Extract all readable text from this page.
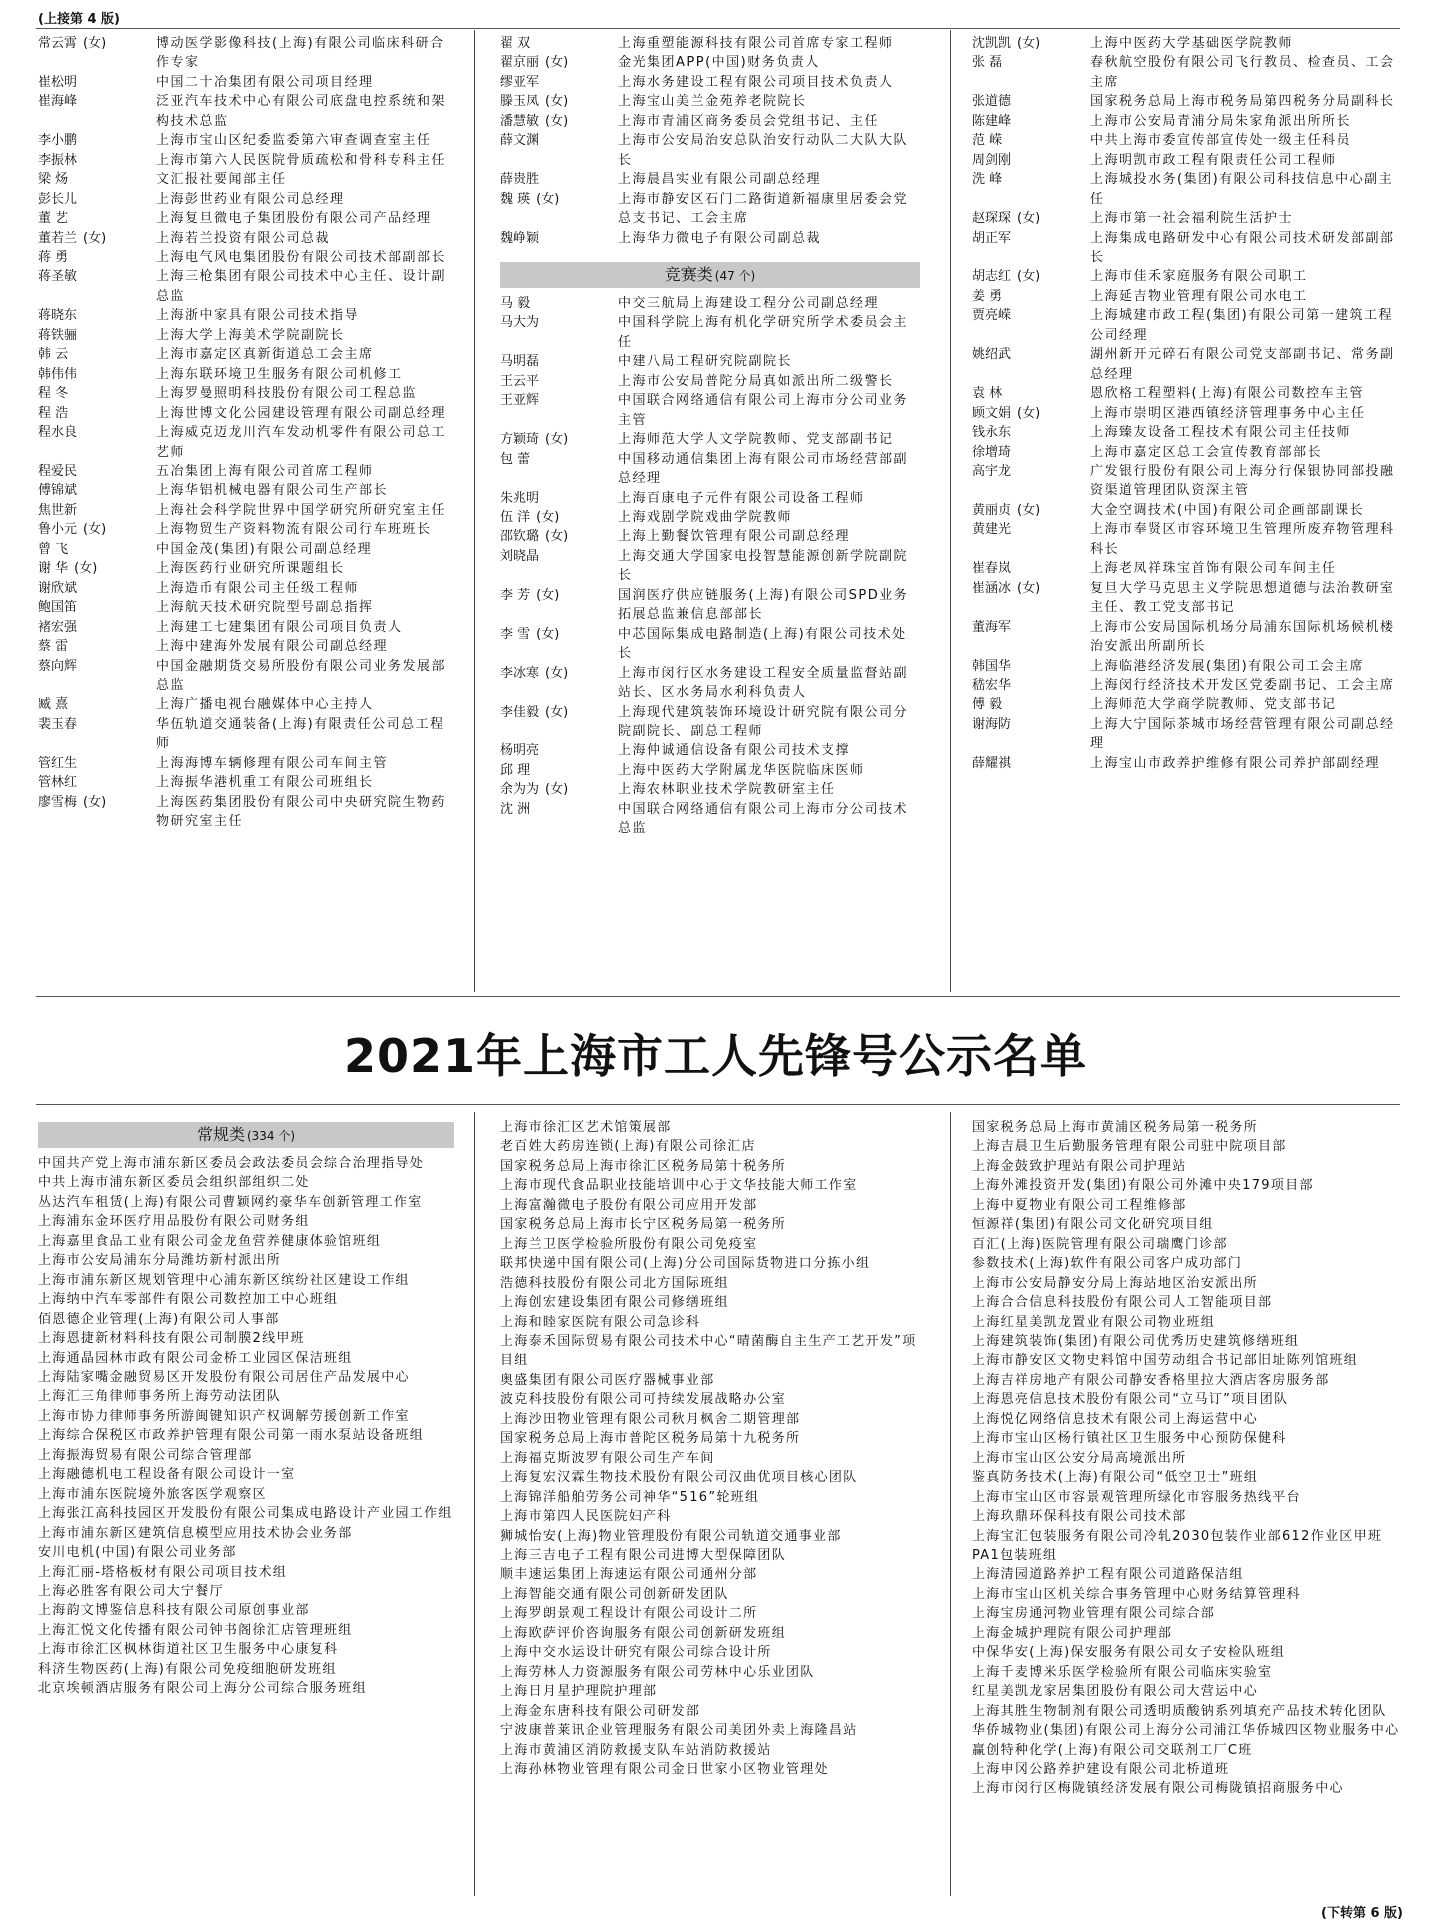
(上接第 4 版)
常云霄 (女)	博动医学影像科技(上海)有限公司临床科研合作专家
崔松明	中国二十冶集团有限公司项目经理
崔海峰	泛亚汽车技术中心有限公司底盘电控系统和架构技术总监
李小鹏	上海市宝山区纪委监委第六审查调查室主任
李振林	上海市第六人民医院骨质疏松和骨科专科主任
梁 炀	文汇报社要闻部主任
彭长儿	上海彭世药业有限公司总经理
董 艺	上海复旦微电子集团股份有限公司产品经理
董若兰 (女)	上海若兰投资有限公司总裁
蒋 勇	上海电气风电集团股份有限公司技术部副部长
蒋圣敏	上海三枪集团有限公司技术中心主任、设计副总监
蒋晓东	上海浙中家具有限公司技术指导
蒋铁骊	上海大学上海美术学院副院长
韩 云	上海市嘉定区真新街道总工会主席
韩伟伟	上海东联环境卫生服务有限公司机修工
程 冬	上海罗曼照明科技股份有限公司工程总监
程 浩	上海世博文化公园建设管理有限公司副总经理
程水良	上海威克迈龙川汽车发动机零件有限公司总工艺师
程爱民	五冶集团上海有限公司首席工程师
傅锦斌	上海华铝机械电器有限公司生产部长
焦世新	上海社会科学院世界中国学研究所研究室主任
鲁小元 (女)	上海物贸生产资料物流有限公司行车班班长
曾 飞	中国金茂(集团)有限公司副总经理
谢 华 (女)	上海医药行业研究所课题组长
谢欣斌	上海造币有限公司主任级工程师
鲍国笛	上海航天技术研究院型号副总指挥
褚宏强	上海建工七建集团有限公司项目负责人
蔡 雷	上海中建海外发展有限公司副总经理
蔡向辉	中国金融期货交易所股份有限公司业务发展部总监
臧 熹	上海广播电视台融媒体中心主持人
裴玉春	华伍轨道交通装备(上海)有限责任公司总工程师
管红生	上海海博车辆修理有限公司车间主管
管林红	上海振华港机重工有限公司班组长
廖雪梅 (女)	上海医药集团股份有限公司中央研究院生物药物研究室主任
翟 双	上海重塑能源科技有限公司首席专家工程师
翟京丽 (女)	金光集团APP(中国)财务负责人
缪亚军	上海水务建设工程有限公司项目技术负责人
滕玉凤 (女)	上海宝山美兰金苑养老院院长
潘慧敏 (女)	上海市青浦区商务委员会党组书记、主任
薛文渊	上海市公安局治安总队治安行动队二大队大队长
薛贵胜	上海晨昌实业有限公司副总经理
魏 瑛 (女)	上海市静安区石门二路街道新福康里居委会党总支书记、工会主席
魏峥颖	上海华力微电子有限公司副总裁
竞赛类 (47 个)
马 毅	中交三航局上海建设工程分公司副总经理
马大为	中国科学院上海有机化学研究所学术委员会主任
马明磊	中建八局工程研究院副院长
王云平	上海市公安局普陀分局真如派出所二级警长
王亚辉	中国联合网络通信有限公司上海市分公司业务主管
方颖琦 (女)	上海师范大学人文学院教师、党支部副书记
包 蕾	中国移动通信集团上海有限公司市场经营部副总经理
朱兆明	上海百康电子元件有限公司设备工程师
伍 洋 (女)	上海戏剧学院戏曲学院教师
邵钦璐 (女)	上海上勤餐饮管理有限公司副总经理
刘晓晶	上海交通大学国家电投智慧能源创新学院副院长
李 芳 (女)	国润医疗供应链服务(上海)有限公司SPD业务拓展总监兼信息部部长
李 雪 (女)	中芯国际集成电路制造(上海)有限公司技术处长
李冰寒 (女)	上海市闵行区水务建设工程安全质量监督站副站长、区水务局水利科负责人
李佳毅 (女)	上海现代建筑装饰环境设计研究院有限公司分院副院长、副总工程师
杨明亮	上海仲诚通信设备有限公司技术支撑
邱 理	上海中医药大学附属龙华医院临床医师
余为为 (女)	上海农林职业技术学院教研室主任
沈 洲	中国联合网络通信有限公司上海市分公司技术总监
沈凯凯 (女)	上海中医药大学基础医学院教师
张 磊	春秋航空股份有限公司飞行教员、检查员、工会主席
张道德	国家税务总局上海市税务局第四税务分局副科长
陈建峰	上海市公安局青浦分局朱家角派出所所长
范 嵘	中共上海市委宣传部宣传处一级主任科员
周剑刚	上海明凯市政工程有限责任公司工程师
洗 峰	上海城投水务(集团)有限公司科技信息中心副主任
赵琛琛 (女)	上海市第一社会福利院生活护士
胡正军	上海集成电路研发中心有限公司技术研发部副部长
胡志红 (女)	上海市佳禾家庭服务有限公司职工
姜 勇	上海延吉物业管理有限公司水电工
贾亮嵘	上海城建市政工程(集团)有限公司第一建筑工程公司经理
姚绍武	湖州新开元碎石有限公司党支部副书记、常务副总经理
袁 林	恩欣格工程塑料(上海)有限公司数控车主管
顾文娟 (女)	上海市崇明区港西镇经济管理事务中心主任
钱永东	上海臻友设备工程技术有限公司主任技师
徐增琦	上海市嘉定区总工会宣传教育部部长
高宇龙	广发银行股份有限公司上海分行保银协同部投融资渠道管理团队资深主管
黄丽贞 (女)	大金空调技术(中国)有限公司企画部副课长
黄建光	上海市奉贤区市容环境卫生管理所废弃物管理科科长
崔春岚	上海老凤祥珠宝首饰有限公司车间主任
崔涵冰 (女)	复旦大学马克思主义学院思想道德与法治教研室主任、教工党支部书记
董海军	上海市公安局国际机场分局浦东国际机场候机楼治安派出所副所长
韩国华	上海临港经济发展(集团)有限公司工会主席
嵇宏华	上海闵行经济技术开发区党委副书记、工会主席
傅 毅	上海师范大学商学院教师、党支部书记
谢海防	上海大宁国际茶城市场经营管理有限公司副总经理
薛耀祺	上海宝山市政养护维修有限公司养护部副经理
2021年上海市工人先锋号公示名单
常规类 (334 个)
中国共产党上海市浦东新区委员会政法委员会综合治理指导处
中共上海市浦东新区委员会组织部组织二处
丛达汽车租赁(上海)有限公司曹颖网约豪华车创新管理工作室
上海浦东金环医疗用品股份有限公司财务组
上海嘉里食品工业有限公司金龙鱼营养健康体验馆班组
上海市公安局浦东分局潍坊新村派出所
上海市浦东新区规划管理中心浦东新区缤纷社区建设工作组
上海纳中汽车零部件有限公司数控加工中心班组
佰恩德企业管理(上海)有限公司人事部
上海恩捷新材料科技有限公司制膜2线甲班
上海通晶园林市政有限公司金桥工业园区保洁班组
上海陆家嘴金融贸易区开发股份有限公司居住产品发展中心
上海汇三角律师事务所上海劳动法团队
上海市协力律师事务所游闽键知识产权调解劳援创新工作室
上海综合保税区市政养护管理有限公司第一雨水泵站设备班组
上海振海贸易有限公司综合管理部
上海融德机电工程设备有限公司设计一室
上海市浦东医院境外旅客医学观察区
上海张江高科技园区开发股份有限公司集成电路设计产业园工作组
上海市浦东新区建筑信息模型应用技术协会业务部
安川电机(中国)有限公司业务部
上海汇丽-塔格板材有限公司项目技术组
上海必胜客有限公司大宁餐厅
上海韵文博鉴信息科技有限公司原创事业部
上海汇悦文化传播有限公司钟书阁徐汇店管理班组
上海市徐汇区枫林街道社区卫生服务中心康复科
科济生物医药(上海)有限公司免疫细胞研发班组
北京埃顿酒店服务有限公司上海分公司综合服务班组
上海市徐汇区艺术馆策展部
老百姓大药房连锁(上海)有限公司徐汇店
国家税务总局上海市徐汇区税务局第十税务所
上海市现代食品职业技能培训中心于文华技能大师工作室
上海富瀚微电子股份有限公司应用开发部
国家税务总局上海市长宁区税务局第一税务所
上海兰卫医学检验所股份有限公司免疫室
联邦快递中国有限公司(上海)分公司国际货物进口分拣小组
浩德科技股份有限公司北方国际班组
上海创宏建设集团有限公司修缮班组
上海和睦家医院有限公司急诊科
上海泰禾国际贸易有限公司技术中心“晴菌酶自主生产工艺开发”项目组
奥盛集团有限公司医疗器械事业部
波克科技股份有限公司可持续发展战略办公室
上海沙田物业管理有限公司秋月枫舍二期管理部
国家税务总局上海市普陀区税务局第十九税务所
上海福克斯波罗有限公司生产车间
上海复宏汉霖生物技术股份有限公司汉曲优项目核心团队
上海锦洋船舶劳务公司神华“516”轮班组
上海市第四人民医院妇产科
狮城怡安(上海)物业管理股份有限公司轨道交通事业部
上海三吉电子工程有限公司进博大型保障团队
顺丰速运集团上海速运有限公司通州分部
上海智能交通有限公司创新研发团队
上海罗朗景观工程设计有限公司设计二所
上海欧萨评价咨询服务有限公司创新研发班组
上海中交水运设计研究有限公司综合设计所
上海劳林人力资源服务有限公司劳林中心乐业团队
上海日月星护理院护理部
上海金东唐科技有限公司研发部
宁波康普莱讯企业管理服务有限公司美团外卖上海隆昌站
上海市黄浦区消防救援支队车站消防救援站
上海孙林物业管理有限公司金日世家小区物业管理处
国家税务总局上海市黄浦区税务局第一税务所
上海吉晨卫生后勤服务管理有限公司驻中院项目部
上海金鼓致护理站有限公司护理站
上海外滩投资开发(集团)有限公司外滩中央179项目部
上海中夏物业有限公司工程维修部
恒源祥(集团)有限公司文化研究项目组
百汇(上海)医院管理有限公司瑞鹰门诊部
参数技术(上海)软件有限公司客户成功部门
上海市公安局静安分局上海站地区治安派出所
上海合合信息科技股份有限公司人工智能项目部
上海红星美凯龙置业有限公司物业班组
上海建筑装饰(集团)有限公司优秀历史建筑修缮班组
上海市静安区文物史料馆中国劳动组合书记部旧址陈列馆班组
上海吉祥房地产有限公司静安香格里拉大酒店客房服务部
上海恩亮信息技术股份有限公司“立马订”项目团队
上海悦亿网络信息技术有限公司上海运营中心
上海市宝山区杨行镇社区卫生服务中心预防保健科
上海市宝山区公安分局高境派出所
鉴真防务技术(上海)有限公司“低空卫士”班组
上海市宝山区市容景观管理所绿化市容服务热线平台
上海玖鼎环保科技有限公司技术部
上海宝汇包装服务有限公司冷轧2030包装作业部612作业区甲班PA1包装班组
上海清园道路养护工程有限公司道路保洁组
上海市宝山区机关综合事务管理中心财务结算管理科
上海宝房通河物业管理有限公司综合部
上海金城护理院有限公司护理部
中保华安(上海)保安服务有限公司女子安检队班组
上海千麦博米乐医学检验所有限公司临床实验室
红星美凯龙家居集团股份有限公司大营运中心
上海其胜生物制剂有限公司透明质酸钠系列填充产品技术转化团队
华侨城物业(集团)有限公司上海分公司浦江华侨城四区物业服务中心
赢创特种化学(上海)有限公司交联剂工厂C班
上海申冈公路养护建设有限公司北桥道班
上海市闵行区梅陇镇经济发展有限公司梅陇镇招商服务中心
(下转第 6 版)
